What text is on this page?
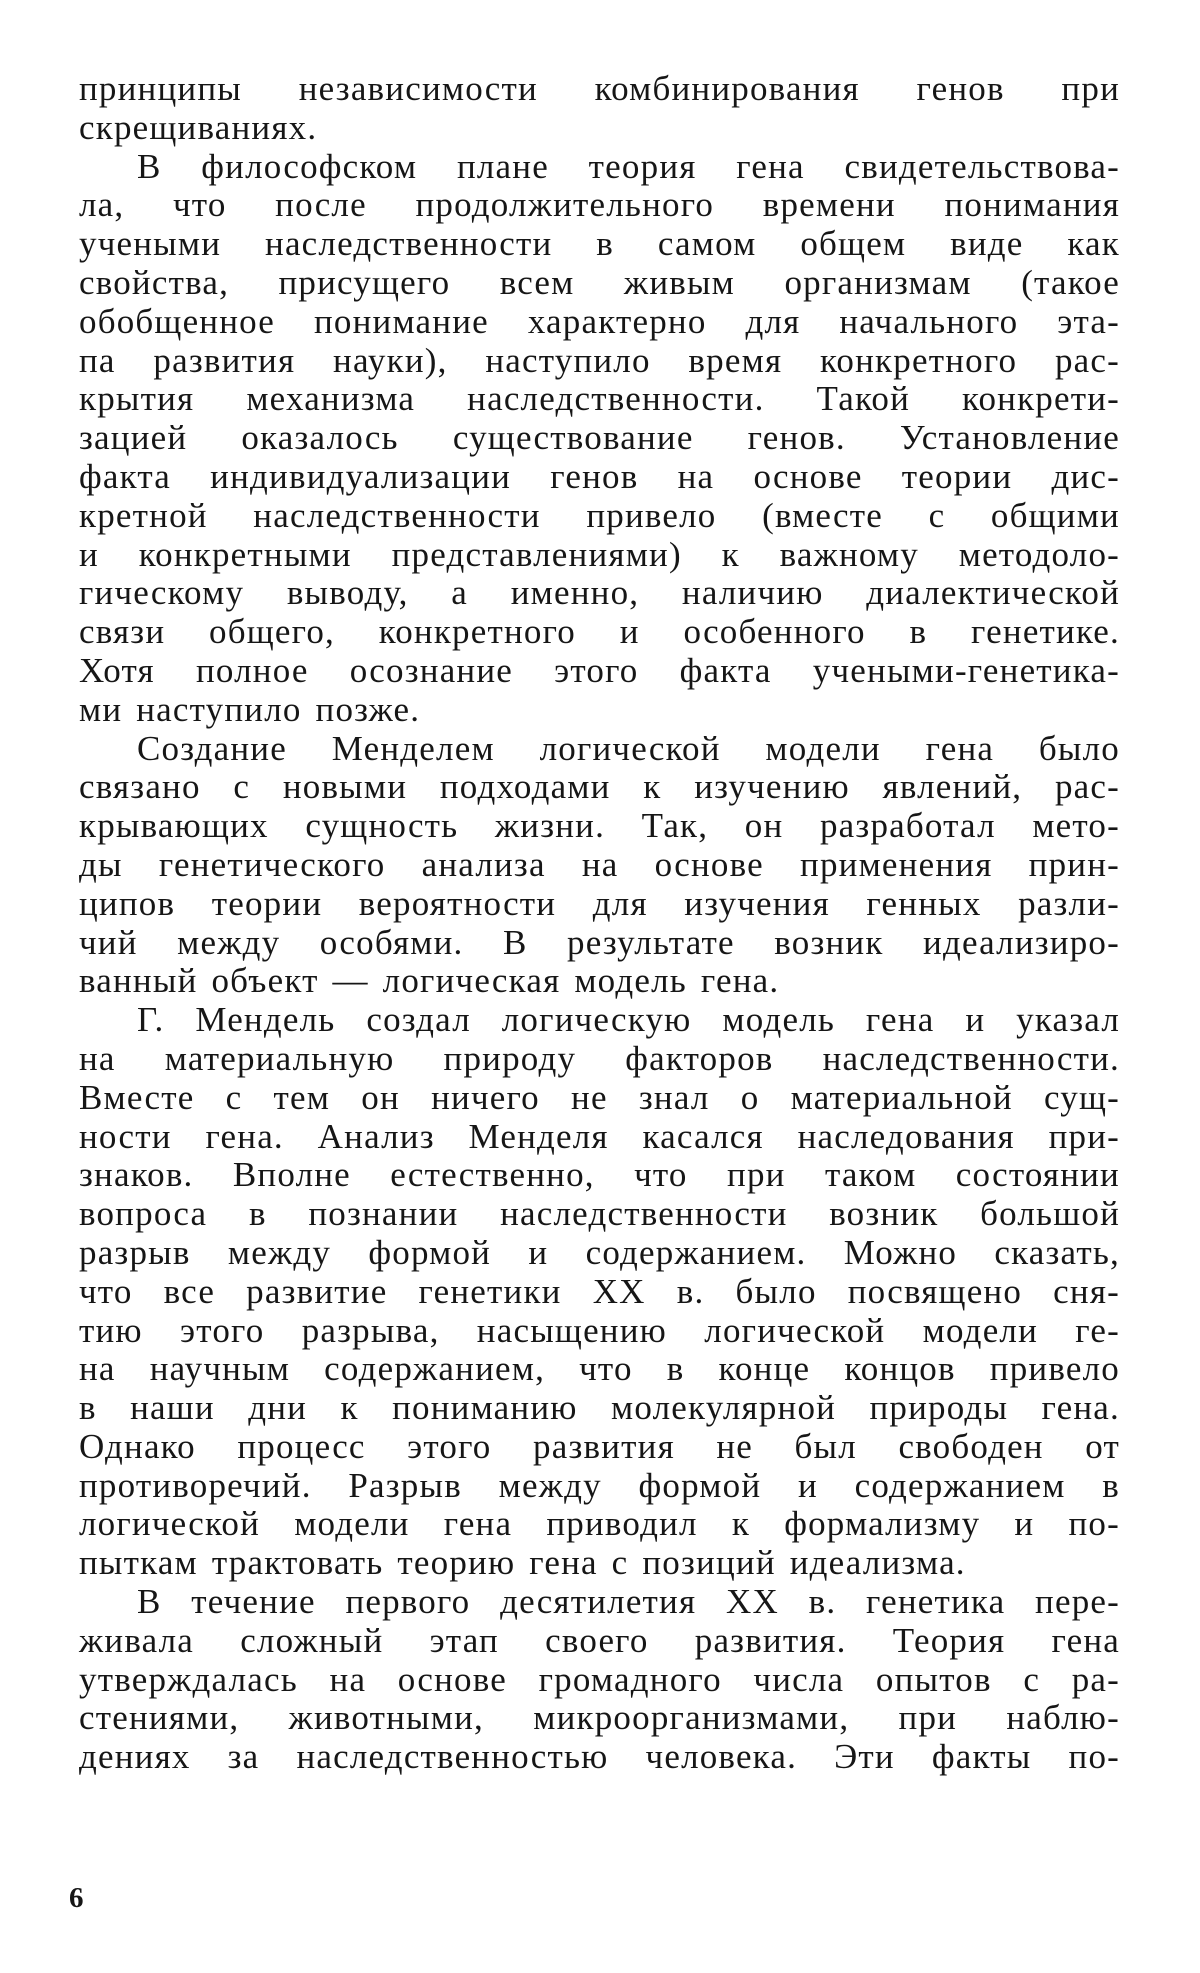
принципы независимости комбинирования генов при
скрещиваниях.
В философском плане теория гена свидетельствова-
ла, что после продолжительного времени понимания
учеными наследственности в самом общем виде как
свойства, присущего всем живым организмам (такое
обобщенное понимание характерно для начального эта-
па развития науки), наступило время конкретного рас-
крытия механизма наследственности. Такой конкрети-
зацией оказалось существование генов. Установление
факта индивидуализации генов на основе теории дис-
кретной наследственности привело (вместе с общими
и конкретными представлениями) к важному методоло-
гическому выводу, а именно, наличию диалектической
связи общего, конкретного и особенного в генетике.
Хотя полное осознание этого факта учеными-генетика-
ми наступило позже.
Создание Менделем логической модели гена было
связано с новыми подходами к изучению явлений, рас-
крывающих сущность жизни. Так, он разработал мето-
ды генетического анализа на основе применения прин-
ципов теории вероятности для изучения генных разли-
чий между особями. В результате возник идеализиро-
ванный объект — логическая модель гена.
Г. Мендель создал логическую модель гена и указал
на материальную природу факторов наследственности.
Вместе с тем он ничего не знал о материальной сущ-
ности гена. Анализ Менделя касался наследования при-
знаков. Вполне естественно, что при таком состоянии
вопроса в познании наследственности возник большой
разрыв между формой и содержанием. Можно сказать,
что все развитие генетики XX в. было посвящено сня-
тию этого разрыва, насыщению логической модели ге-
на научным содержанием, что в конце концов привело
в наши дни к пониманию молекулярной природы гена.
Однако процесс этого развития не был свободен от
противоречий. Разрыв между формой и содержанием в
логической модели гена приводил к формализму и по-
пыткам трактовать теорию гена с позиций идеализма.
В течение первого десятилетия XX в. генетика пере-
живала сложный этап своего развития. Теория гена
утверждалась на основе громадного числа опытов с ра-
стениями, животными, микроорганизмами, при наблю-
дениях за наследственностью человека. Эти факты по-
6
